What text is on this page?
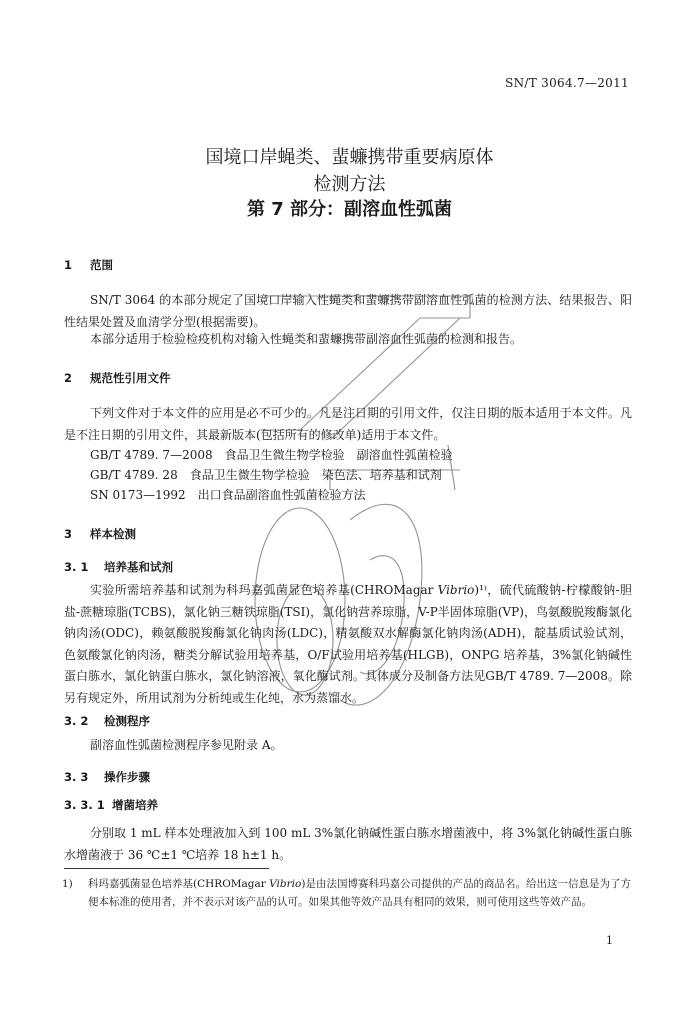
SN/T 3064.7—2011
国境口岸蝇类、蜚蠊携带重要病原体
检测方法
第 7 部分：副溶血性弧菌
1 范围
SN/T 3064 的本部分规定了国境口岸输入性蝇类和蜚蠊携带副溶血性弧菌的检测方法、结果报告、阳性结果处置及血清学分型(根据需要)。
本部分适用于检验检疫机构对输入性蝇类和蜚蠊携带副溶血性弧菌的检测和报告。
2 规范性引用文件
下列文件对于本文件的应用是必不可少的。凡是注日期的引用文件，仅注日期的版本适用于本文件。凡是不注日期的引用文件，其最新版本(包括所有的修改单)适用于本文件。
GB/T 4789. 7—2008　食品卫生微生物学检验　副溶血性弧菌检验
GB/T 4789. 28　食品卫生微生物学检验　染色法、培养基和试剂
SN 0173—1992　出口食品副溶血性弧菌检验方法
3 样本检测
3. 1 培养基和试剂
实验所需培养基和试剂为科玛嘉弧菌显色培养基(CHROMagar Vibrio)¹⁾，硫代硫酸钠-柠檬酸钠-胆盐-蔗糖琼脂(TCBS)，氯化钠三糖铁琼脂(TSI)，氯化钠营养琼脂，V-P半固体琼脂(VP)，鸟氨酸脱羧酶氯化钠肉汤(ODC)，赖氨酸脱羧酶氯化钠肉汤(LDC)，精氨酸双水解酶氯化钠肉汤(ADH)，靛基质试验试剂，色氨酸氯化钠肉汤，糖类分解试验用培养基，O/F试验用培养基(HLGB)，ONPG 培养基，3%氯化钠碱性蛋白胨水，氯化钠蛋白胨水，氯化钠溶液，氧化酶试剂。具体成分及制备方法见GB/T 4789. 7—2008。除另有规定外，所用试剂为分析纯或生化纯，水为蒸馏水。
3. 2 检测程序
副溶血性弧菌检测程序参见附录 A。
3. 3 操作步骤
3. 3. 1 增菌培养
分别取 1 mL 样本处理液加入到 100 mL 3%氯化钠碱性蛋白胨水增菌液中，将 3%氯化钠碱性蛋白胨水增菌液于 36 ℃±1 ℃培养 18 h±1 h。
1) 科玛嘉弧菌显色培养基(CHROMagar Vibrio)是由法国博赛科玛嘉公司提供的产品的商品名。给出这一信息是为了方便本标准的使用者，并不表示对该产品的认可。如果其他等效产品具有相同的效果，则可使用这些等效产品。
1
